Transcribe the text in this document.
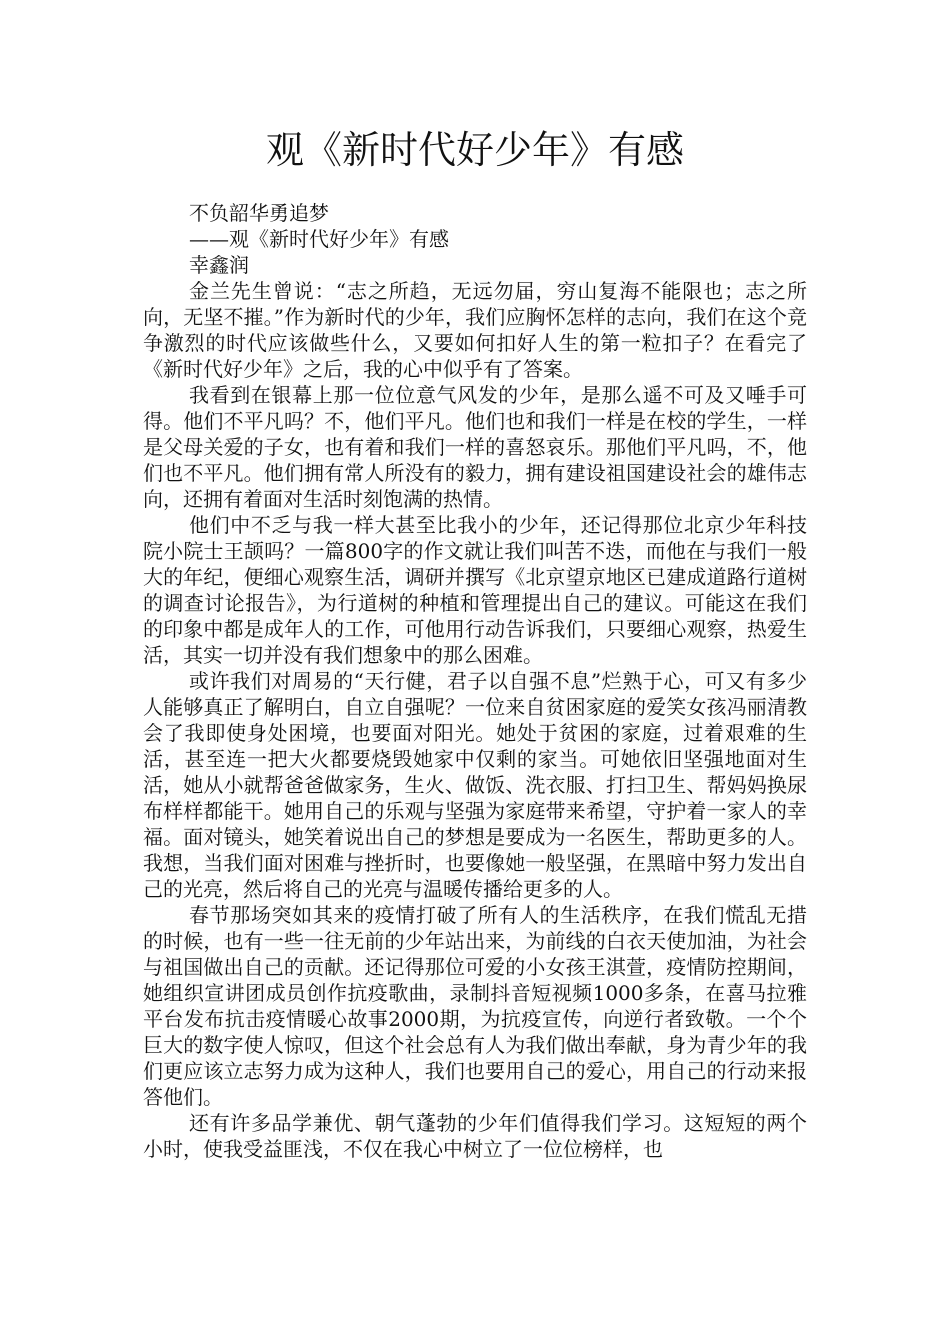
观《新时代好少年》有感
不负韶华勇追梦
——观《新时代好少年》有感
幸鑫润

金兰先生曾说：“志之所趋，无远勿届，穷山复海不能限也；志之所向，无坚不摧。”作为新时代的少年，我们应胸怀怎样的志向，我们在这个竞争激烈的时代应该做些什么，又要如何扣好人生的第一粒扣子？在看完了《新时代好少年》之后，我的心中似乎有了答案。

我看到在银幕上那一位位意气风发的少年，是那么遥不可及又唾手可得。他们不平凡吗？不，他们平凡。他们也和我们一样是在校的学生，一样是父母关爱的子女，也有着和我们一样的喜怒哀乐。那他们平凡吗，不，他们也不平凡。他们拥有常人所没有的毅力，拥有建设祖国建设社会的雄伟志向，还拥有着面对生活时刻饱满的热情。

他们中不乏与我一样大甚至比我小的少年，还记得那位北京少年科技院小院士王颉吗？一篇800字的作文就让我们叫苦不迭，而他在与我们一般大的年纪，便细心观察生活，调研并撰写《北京望京地区已建成道路行道树的调查讨论报告》，为行道树的种植和管理提出自己的建议。可能这在我们的印象中都是成年人的工作，可他用行动告诉我们，只要细心观察，热爱生活，其实一切并没有我们想象中的那么困难。

或许我们对周易的“天行健，君子以自强不息”烂熟于心，可又有多少人能够真正了解明白，自立自强呢？一位来自贫困家庭的爱笑女孩冯丽清教会了我即使身处困境，也要面对阳光。她处于贫困的家庭，过着艰难的生活，甚至连一把大火都要烧毁她家中仅剩的家当。可她依旧坚强地面对生活，她从小就帮爸爸做家务，生火、做饭、洗衣服、打扫卫生、帮妈妈换尿布样样都能干。她用自己的乐观与坚强为家庭带来希望，守护着一家人的幸福。面对镜头，她笑着说出自己的梦想是要成为一名医生，帮助更多的人。我想，当我们面对困难与挫折时，也要像她一般坚强，在黑暗中努力发出自己的光亮，然后将自己的光亮与温暖传播给更多的人。

春节那场突如其来的疫情打破了所有人的生活秩序，在我们慌乱无措的时候，也有一些一往无前的少年站出来，为前线的白衣天使加油，为社会与祖国做出自己的贡献。还记得那位可爱的小女孩王淇萱，疫情防控期间，她组织宣讲团成员创作抗疫歌曲，录制抖音短视频1000多条，在喜马拉雅平台发布抗击疫情暖心故事2000期，为抗疫宣传，向逆行者致敬。一个个巨大的数字使人惊叹，但这个社会总有人为我们做出奉献，身为青少年的我们更应该立志努力成为这种人，我们也要用自己的爱心，用自己的行动来报答他们。

还有许多品学兼优、朝气蓬勃的少年们值得我们学习。这短短的两个小时，使我受益匪浅，不仅在我心中树立了一位位榜样，也
